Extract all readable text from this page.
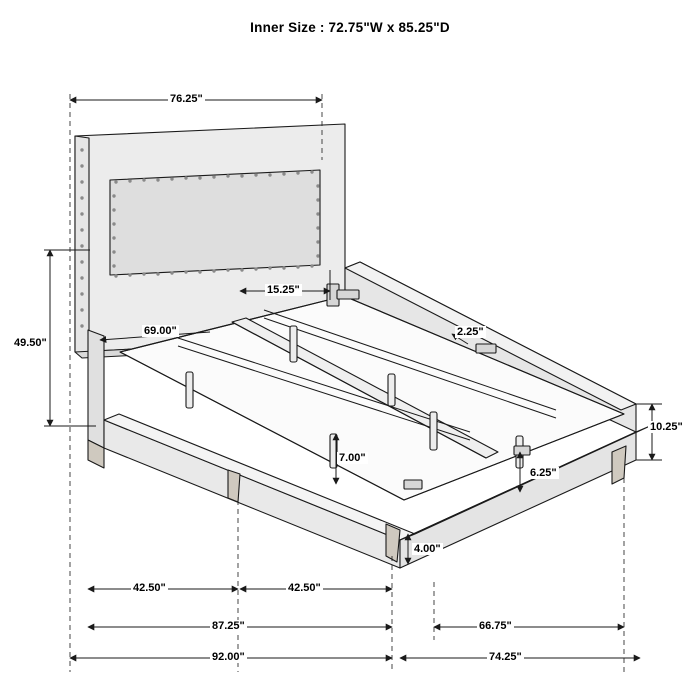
Inner Size : 72.75"W x 85.25"D
76.25"
15.25"
69.00"	2.25"
49.50"
10.25"
7.00"
6.25"
4.00"
42.50"	42.50"
87.25"	66.75"
92.00"	74.25"
